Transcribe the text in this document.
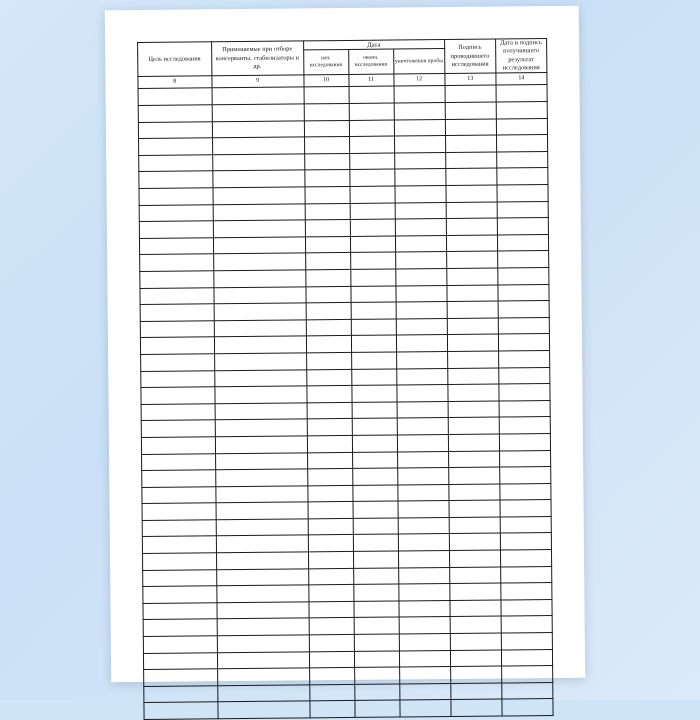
Цель исследования	Применяемые при отборе консерванты, стабилизаторы и др.	Дата			Подпись проводившего исследования	Дата и подпись получившего результат исследования
		нач. исследования	оконч. исследования	уничтожения пробы		
8	9	10	11	12	13	14
